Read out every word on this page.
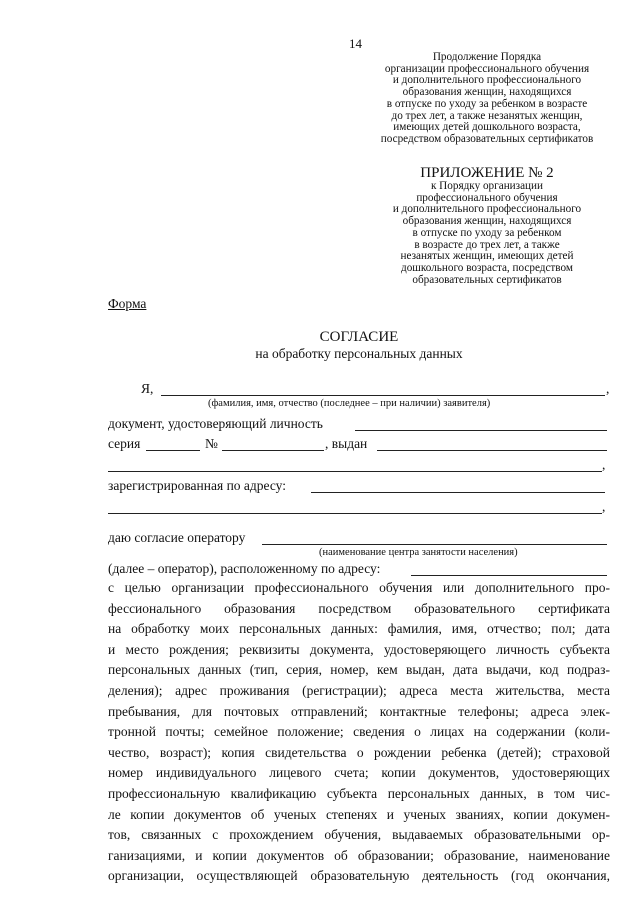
14
Продолжение Порядка
организации профессионального обучения
и дополнительного профессионального
образования женщин, находящихся
в отпуске по уходу за ребенком в возрасте
до трех лет, а также незанятых женщин,
имеющих детей дошкольного возраста,
посредством образовательных сертификатов
ПРИЛОЖЕНИЕ № 2
к Порядку организации
профессионального обучения
и дополнительного профессионального
образования женщин, находящихся
в отпуске по уходу за ребенком
в возрасте до трех лет, а также
незанятых женщин, имеющих детей
дошкольного возраста, посредством
образовательных сертификатов
Форма
СОГЛАСИЕ
на обработку персональных данных
Я,	,
(фамилия, имя, отчество (последнее – при наличии) заявителя)
документ, удостоверяющий личность
серия	№	, выдан
,
зарегистрированная по адресу:
,
даю согласие оператору
(наименование центра занятости населения)
(далее – оператор), расположенному по адресу:
с целью организации профессионального обучения или дополнительного про-
фессионального образования посредством образовательного сертификата
на обработку моих персональных данных: фамилия, имя, отчество; пол; дата
и место рождения; реквизиты документа, удостоверяющего личность субъекта
персональных данных (тип, серия, номер, кем выдан, дата выдачи, код подраз-
деления); адрес проживания (регистрации); адреса места жительства, места
пребывания, для почтовых отправлений; контактные телефоны; адреса элек-
тронной почты; семейное положение; сведения о лицах на содержании (коли-
чество, возраст); копия свидетельства о рождении ребенка (детей); страховой
номер индивидуального лицевого счета; копии документов, удостоверяющих
профессиональную квалификацию субъекта персональных данных, в том чис-
ле копии документов об ученых степенях и ученых званиях, копии докумен-
тов, связанных с прохождением обучения, выдаваемых образовательными ор-
ганизациями, и копии документов об образовании; образование, наименование
организации, осуществляющей образовательную деятельность (год окончания,
